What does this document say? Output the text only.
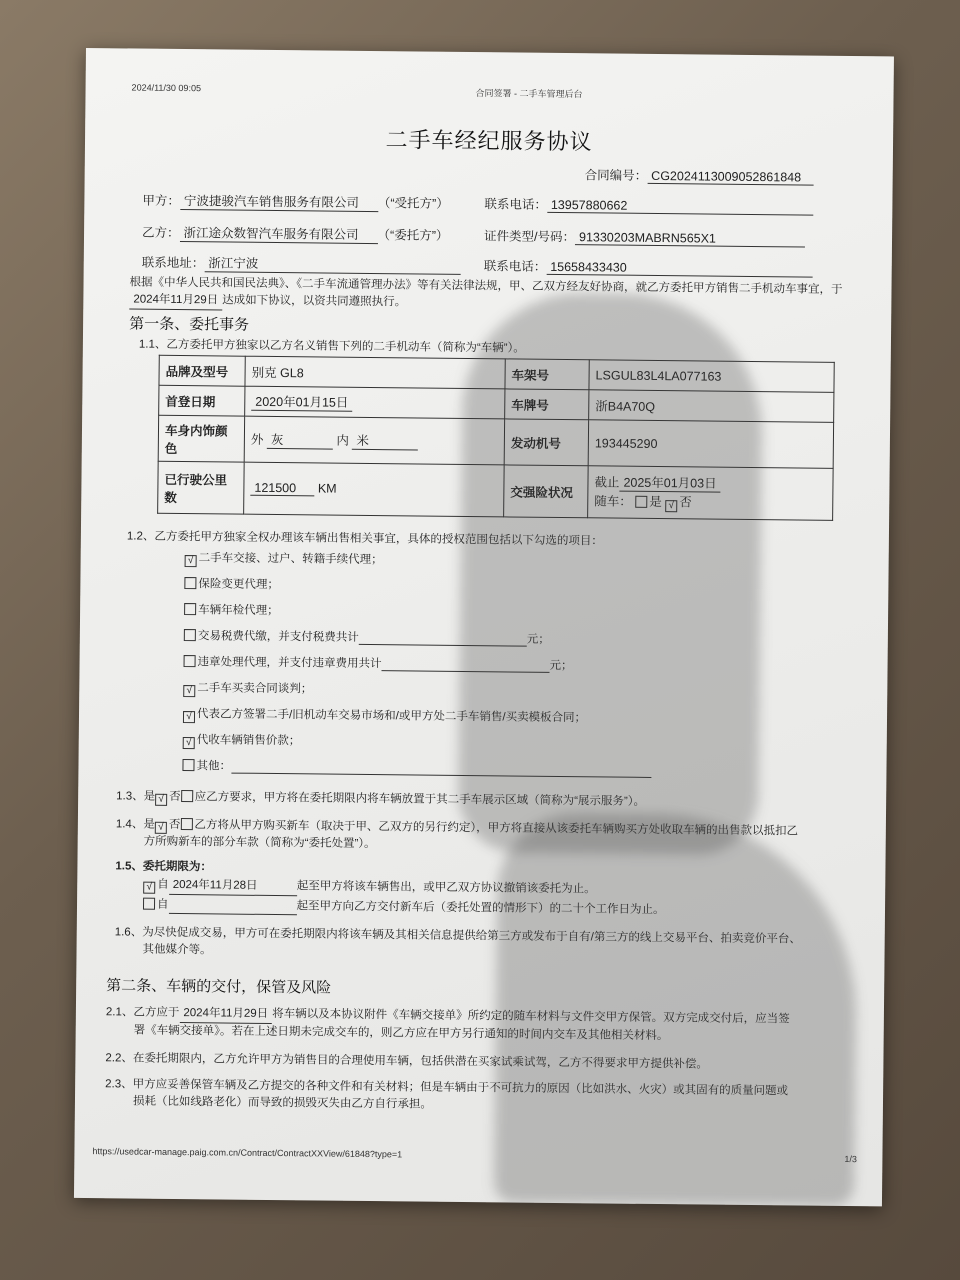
2024/11/30 09:05
合同签署 - 二手车管理后台
二手车经纪服务协议
合同编号： CG2024113009052861848
甲方： 宁波捷骏汽车销售服务有限公司 （“受托方”）	联系电话： 13957880662
乙方： 浙江途众数智汽车服务有限公司 （“委托方”）	证件类型/号码： 91330203MABRN565X1
联系地址： 浙江宁波	联系电话： 15658433430
根据《中华人民共和国民法典》、《二手车流通管理办法》等有关法律法规，甲、乙双方经友好协商，就乙方委托甲方销售二手机动车事宜，于2024年11月29日 达成如下协议，以资共同遵照执行。
第一条、委托事务
1.1、乙方委托甲方独家以乙方名义销售下列的二手机动车（简称为“车辆”）。
品牌及型号	别克 GL8	车架号	LSGUL83L4LA077163
首登日期	2020年01月15日	车牌号	浙B4A70Q
车身内饰颜色	外 灰 内 米	发动机号	193445290
已行驶公里数	121500 KM	交强险状况	截止 2025年01月03日
随车： 是 √ 否
1.2、乙方委托甲方独家全权办理该车辆出售相关事宜，具体的授权范围包括以下勾选的项目：
√ 二手车交接、过户、转籍手续代理；
保险变更代理；
车辆年检代理；
交易税费代缴，并支付税费共计	元；
违章处理代理，并支付违章费用共计	元；
√ 二手车买卖合同谈判；
√ 代表乙方签署二手/旧机动车交易市场和/或甲方处二手车销售/买卖模板合同；
√ 代收车辆销售价款；
其他：
1.3、是 √ 否 应乙方要求，甲方将在委托期限内将车辆放置于其二手车展示区域（简称为“展示服务”）。
1.4、是 √ 否 乙方将从甲方购买新车（取决于甲、乙双方的另行约定），甲方将直接从该委托车辆购买方处收取车辆的出售款以抵扣乙
方所购新车的部分车款（简称为“委托处置”）。
1.5、委托期限为：
√ 自 2024年11月28日	起至甲方将该车辆售出，或甲乙双方协议撤销该委托为止。
自	起至甲方向乙方交付新车后（委托处置的情形下）的二十个工作日为止。
1.6、为尽快促成交易，甲方可在委托期限内将该车辆及其相关信息提供给第三方或发布于自有/第三方的线上交易平台、拍卖竞价平台、
其他媒介等。
第二条、车辆的交付，保管及风险
2.1、乙方应于 2024年11月29日 将车辆以及本协议附件《车辆交接单》所约定的随车材料与文件交甲方保管。双方完成交付后，应当签
署《车辆交接单》。若在上述日期未完成交车的，则乙方应在甲方另行通知的时间内交车及其他相关材料。
2.2、在委托期限内，乙方允许甲方为销售目的合理使用车辆，包括供潜在买家试乘试驾，乙方不得要求甲方提供补偿。
2.3、甲方应妥善保管车辆及乙方提交的各种文件和有关材料；但是车辆由于不可抗力的原因（比如洪水、火灾）或其固有的质量问题或
损耗（比如线路老化）而导致的损毁灭失由乙方自行承担。
https://usedcar-manage.paig.com.cn/Contract/ContractXXView/61848?type=1	1/3
